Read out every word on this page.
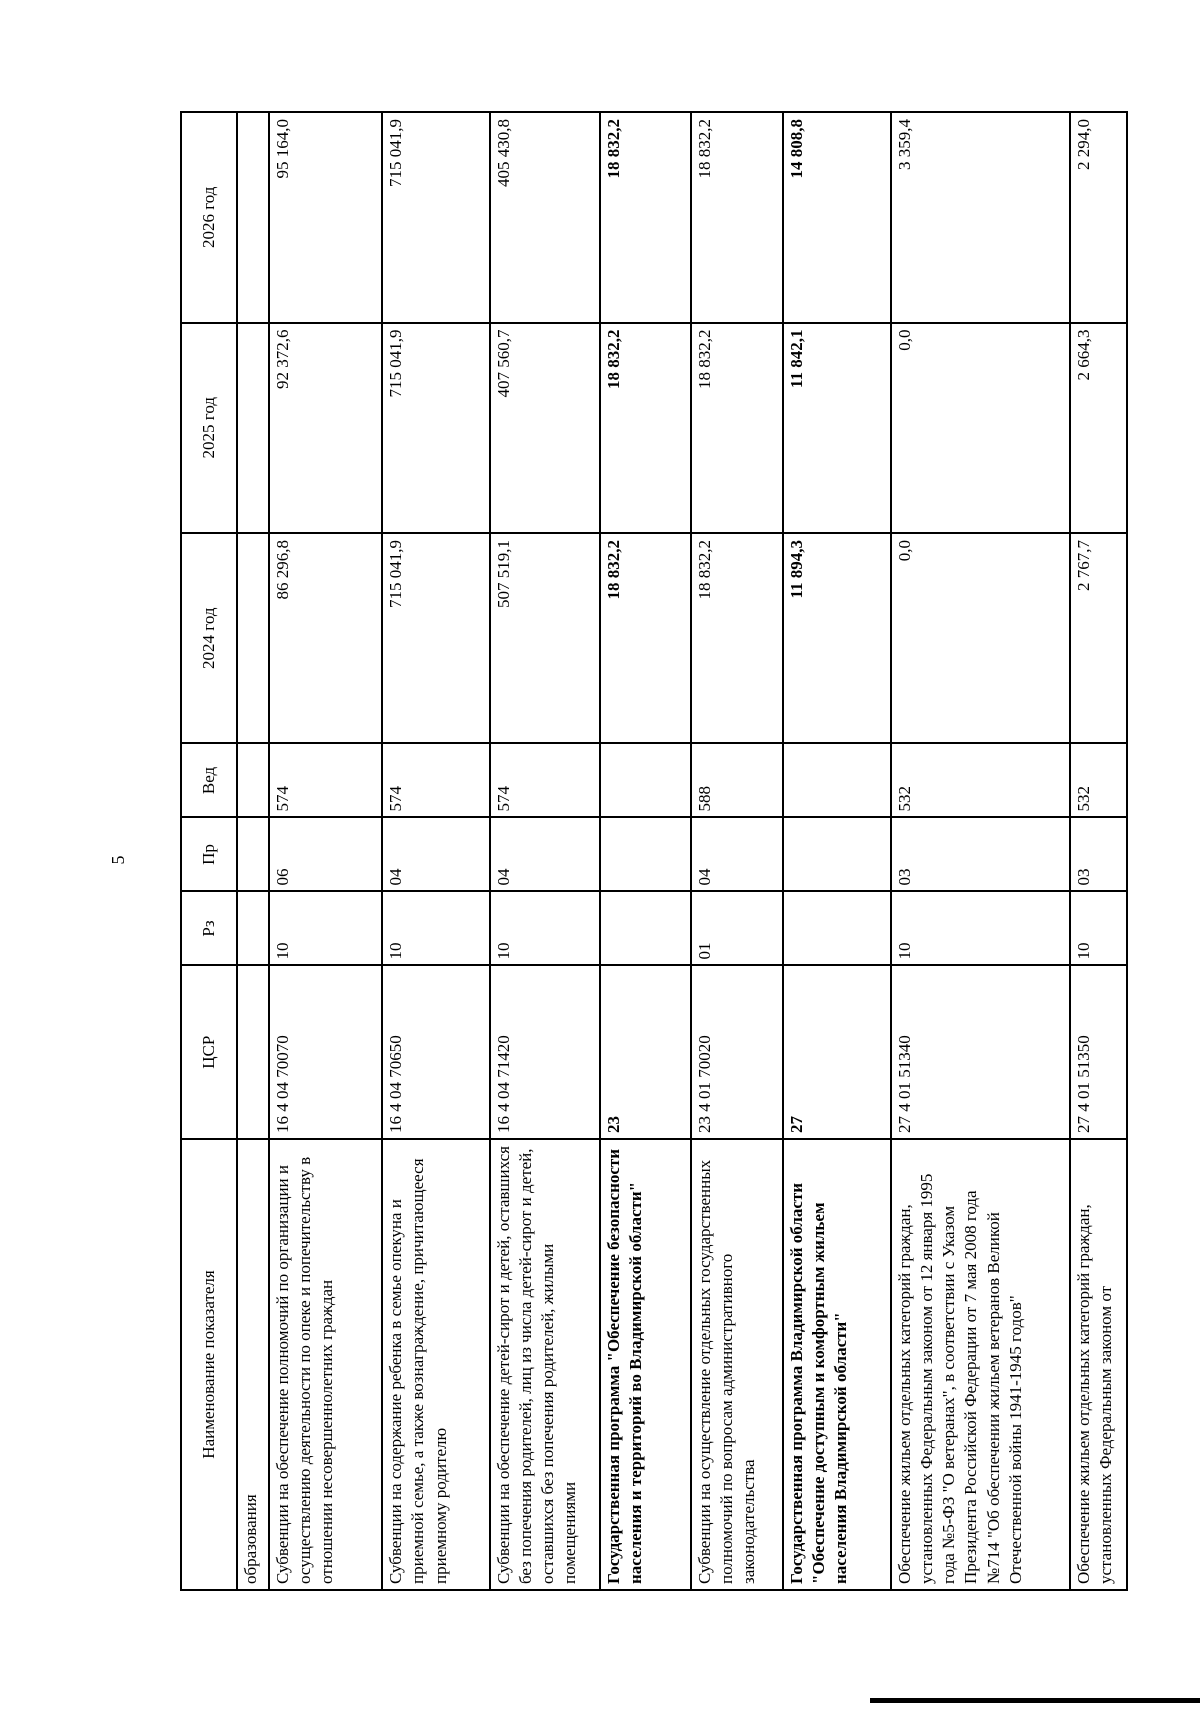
5
Наименование показателя	ЦСР	Рз	Пр	Вед	2024 год	2025 год	2026 год
образования							
Субвенции на обеспечение полномочий по организации и осуществлению деятельности по опеке и попечительству в отношении несовершеннолетних граждан	16 4 04 70070	10	06	574	86 296,8	92 372,6	95 164,0
Субвенции на содержание ребенка в семье опекуна и приемной семье, а также вознаграждение, причитающееся приемному родителю	16 4 04 70650	10	04	574	715 041,9	715 041,9	715 041,9
Субвенции на обеспечение детей-сирот и детей, оставшихся без попечения родителей, лиц из числа детей-сирот и детей, оставшихся без попечения родителей, жилыми помещениями	16 4 04 71420	10	04	574	507 519,1	407 560,7	405 430,8
Государственная программа "Обеспечение безопасности населения и территорий во Владимирской области"	23				18 832,2	18 832,2	18 832,2
Субвенции на осуществление отдельных государственных полномочий по вопросам административного законодательства	23 4 01 70020	01	04	588	18 832,2	18 832,2	18 832,2
Государственная программа Владимирской области "Обеспечение доступным и комфортным жильем населения Владимирской области"	27				11 894,3	11 842,1	14 808,8
Обеспечение жильем отдельных категорий граждан, установленных Федеральным законом от 12 января 1995 года №5-ФЗ "О ветеранах", в соответствии с Указом Президента Российской Федерации от 7 мая 2008 года №714 "Об обеспечении жильем ветеранов Великой Отечественной войны 1941-1945 годов"	27 4 01 51340	10	03	532	0,0	0,0	3 359,4
Обеспечение жильем отдельных категорий граждан, установленных Федеральным законом от	27 4 01 51350	10	03	532	2 767,7	2 664,3	2 294,0
